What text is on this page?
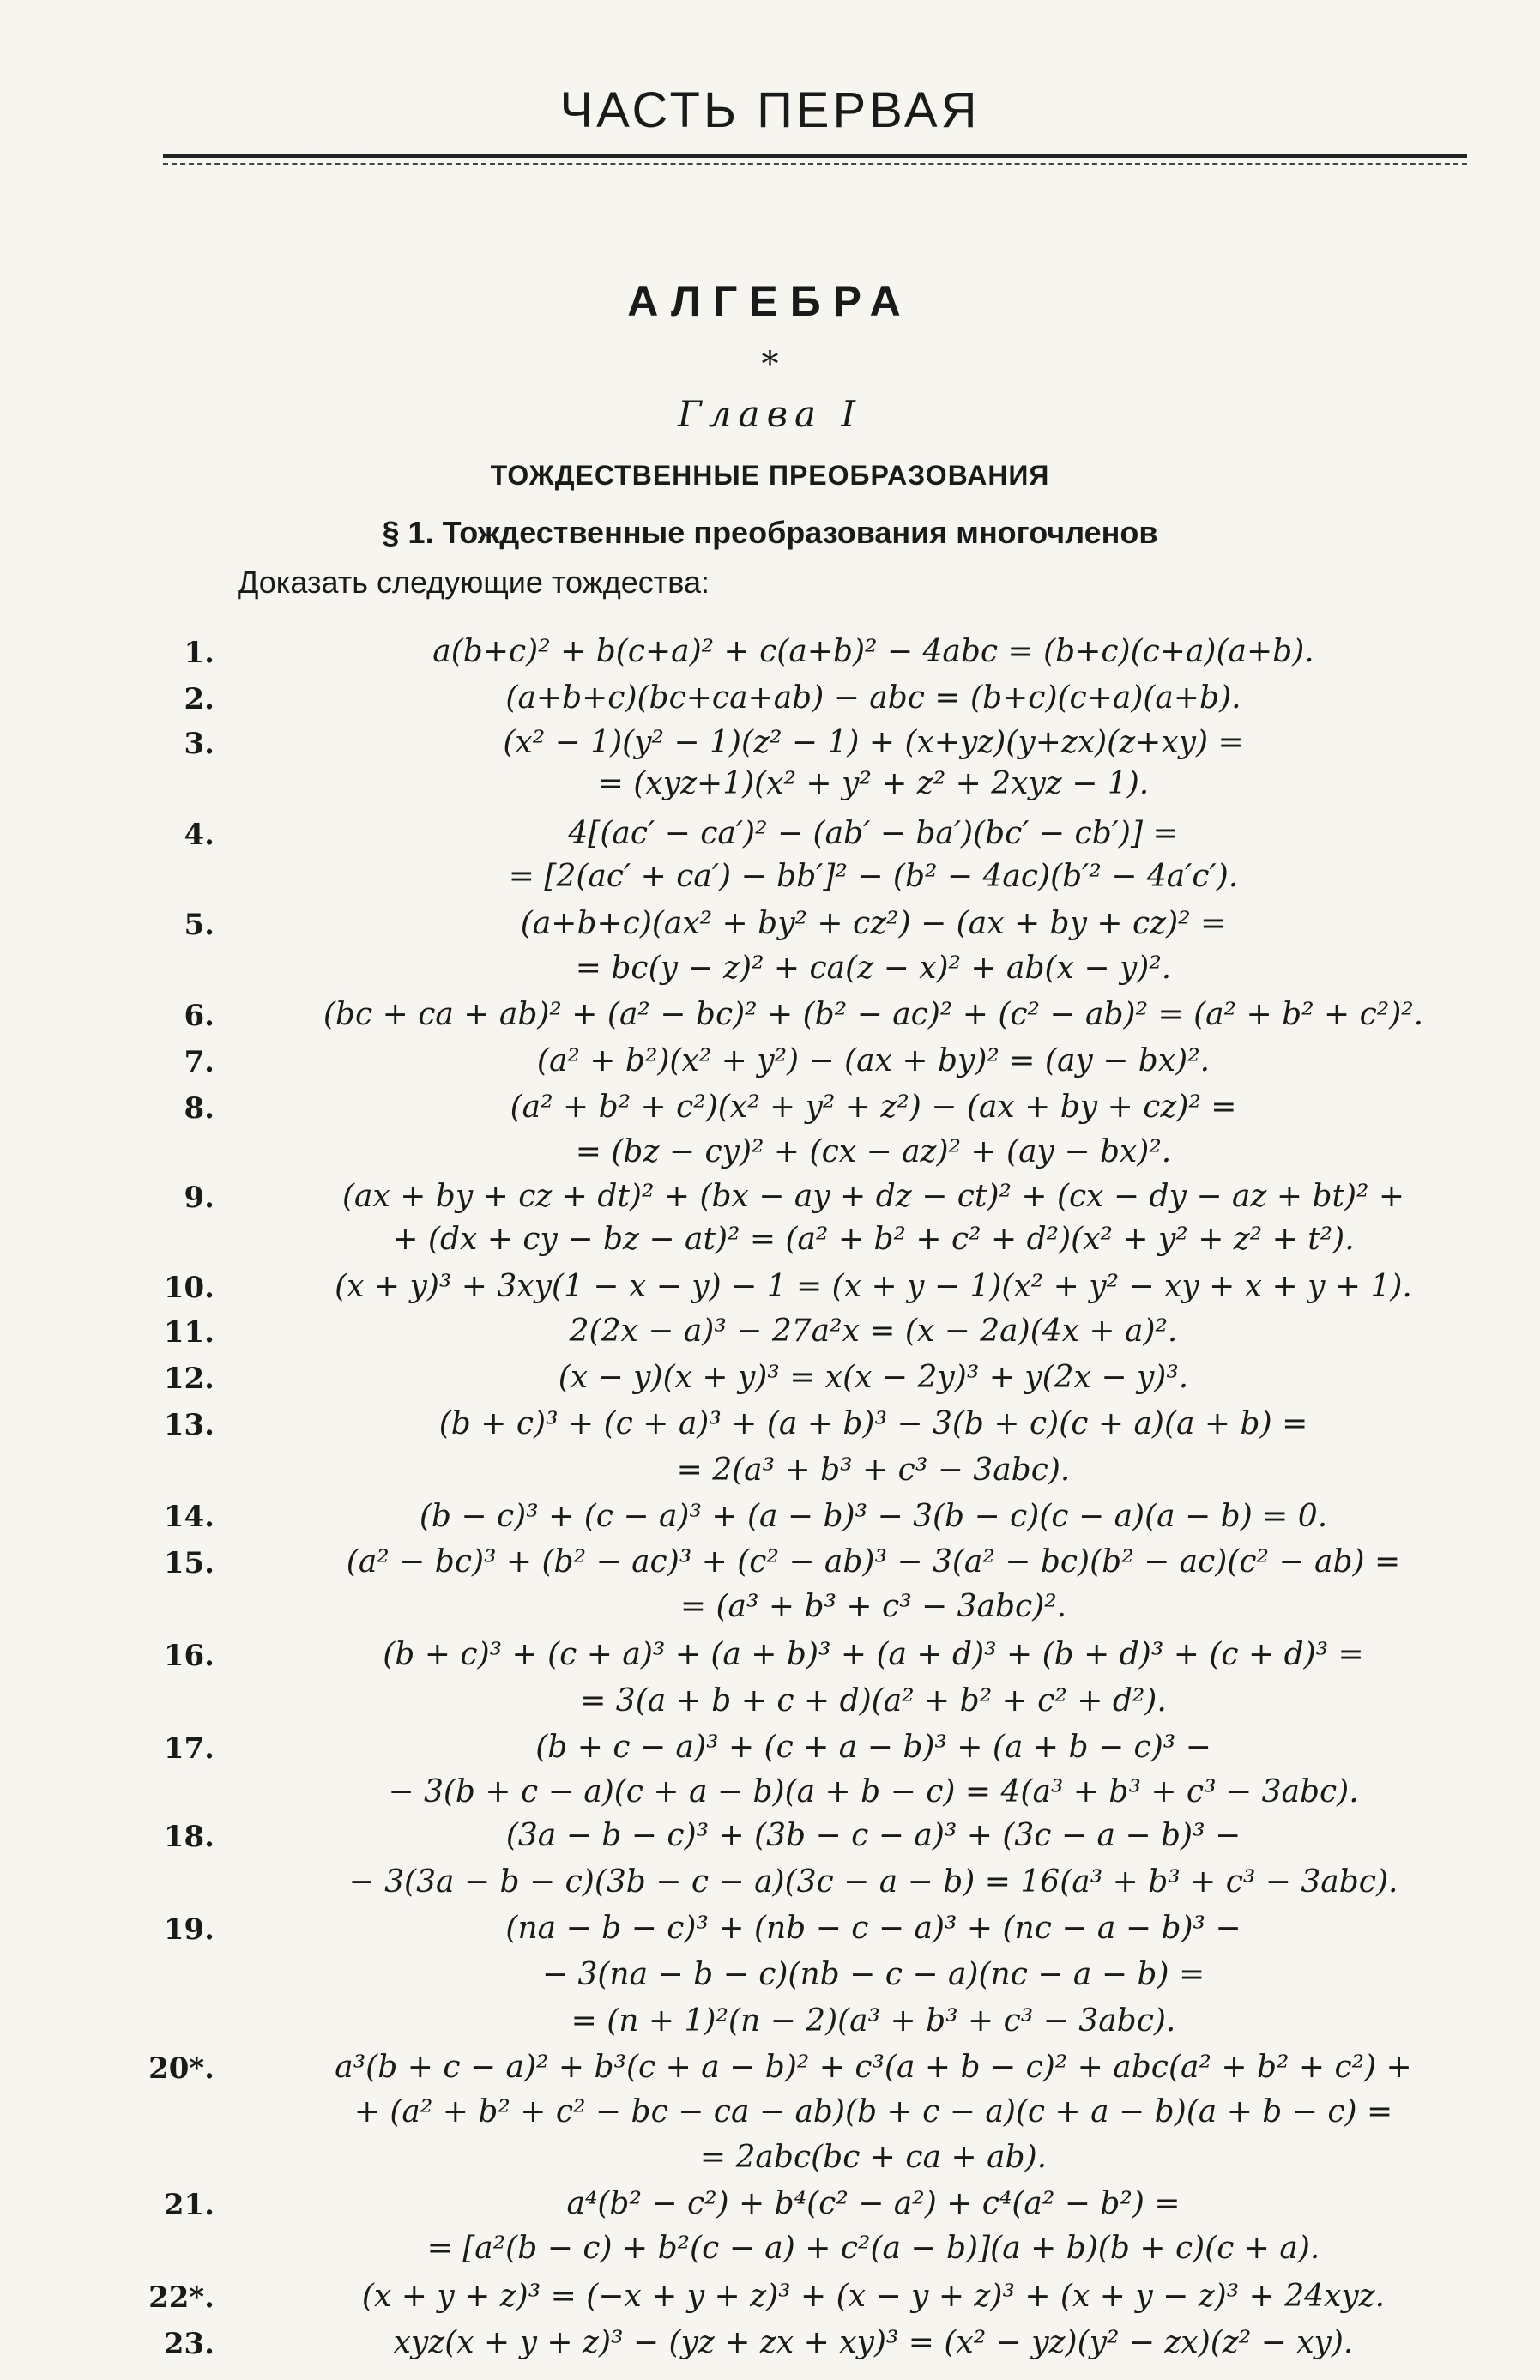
ЧАСТЬ ПЕРВАЯ
АЛГЕБРА
*
Глава I
ТОЖДЕСТВЕННЫЕ ПРЕОБРАЗОВАНИЯ
§ 1. Тождественные преобразования многочленов
Доказать следующие тождества:
1.	a(b+c)² + b(c+a)² + c(a+b)² − 4abc = (b+c)(c+a)(a+b).
2.	(a+b+c)(bc+ca+ab) − abc = (b+c)(c+a)(a+b).
3.	(x² − 1)(y² − 1)(z² − 1) + (x+yz)(y+zx)(z+xy) =
= (xyz+1)(x² + y² + z² + 2xyz − 1).
4.	4[(ac′ − ca′)² − (ab′ − ba′)(bc′ − cb′)] =
= [2(ac′ + ca′) − bb′]² − (b² − 4ac)(b′² − 4a′c′).
5.	(a+b+c)(ax² + by² + cz²) − (ax + by + cz)² =
= bc(y − z)² + ca(z − x)² + ab(x − y)².
6.	(bc + ca + ab)² + (a² − bc)² + (b² − ac)² + (c² − ab)² = (a² + b² + c²)².
7.	(a² + b²)(x² + y²) − (ax + by)² = (ay − bx)².
8.	(a² + b² + c²)(x² + y² + z²) − (ax + by + cz)² =
= (bz − cy)² + (cx − az)² + (ay − bx)².
9.	(ax + by + cz + dt)² + (bx − ay + dz − ct)² + (cx − dy − az + bt)² +
+ (dx + cy − bz − at)² = (a² + b² + c² + d²)(x² + y² + z² + t²).
10.	(x + y)³ + 3xy(1 − x − y) − 1 = (x + y − 1)(x² + y² − xy + x + y + 1).
11.	2(2x − a)³ − 27a²x = (x − 2a)(4x + a)².
12.	(x − y)(x + y)³ = x(x − 2y)³ + y(2x − y)³.
13.	(b + c)³ + (c + a)³ + (a + b)³ − 3(b + c)(c + a)(a + b) =
= 2(a³ + b³ + c³ − 3abc).
14.	(b − c)³ + (c − a)³ + (a − b)³ − 3(b − c)(c − a)(a − b) = 0.
15.	(a² − bc)³ + (b² − ac)³ + (c² − ab)³ − 3(a² − bc)(b² − ac)(c² − ab) =
= (a³ + b³ + c³ − 3abc)².
16.	(b + c)³ + (c + a)³ + (a + b)³ + (a + d)³ + (b + d)³ + (c + d)³ =
= 3(a + b + c + d)(a² + b² + c² + d²).
17.	(b + c − a)³ + (c + a − b)³ + (a + b − c)³ −
− 3(b + c − a)(c + a − b)(a + b − c) = 4(a³ + b³ + c³ − 3abc).
18.	(3a − b − c)³ + (3b − c − a)³ + (3c − a − b)³ −
− 3(3a − b − c)(3b − c − a)(3c − a − b) = 16(a³ + b³ + c³ − 3abc).
19.	(na − b − c)³ + (nb − c − a)³ + (nc − a − b)³ −
− 3(na − b − c)(nb − c − a)(nc − a − b) =
= (n + 1)²(n − 2)(a³ + b³ + c³ − 3abc).
20*.	a³(b + c − a)² + b³(c + a − b)² + c³(a + b − c)² + abc(a² + b² + c²) +
+ (a² + b² + c² − bc − ca − ab)(b + c − a)(c + a − b)(a + b − c) =
= 2abc(bc + ca + ab).
21.	a⁴(b² − c²) + b⁴(c² − a²) + c⁴(a² − b²) =
= [a²(b − c) + b²(c − a) + c²(a − b)](a + b)(b + c)(c + a).
22*.	(x + y + z)³ = (−x + y + z)³ + (x − y + z)³ + (x + y − z)³ + 24xyz.
23.	xyz(x + y + z)³ − (yz + zx + xy)³ = (x² − yz)(y² − zx)(z² − xy).
